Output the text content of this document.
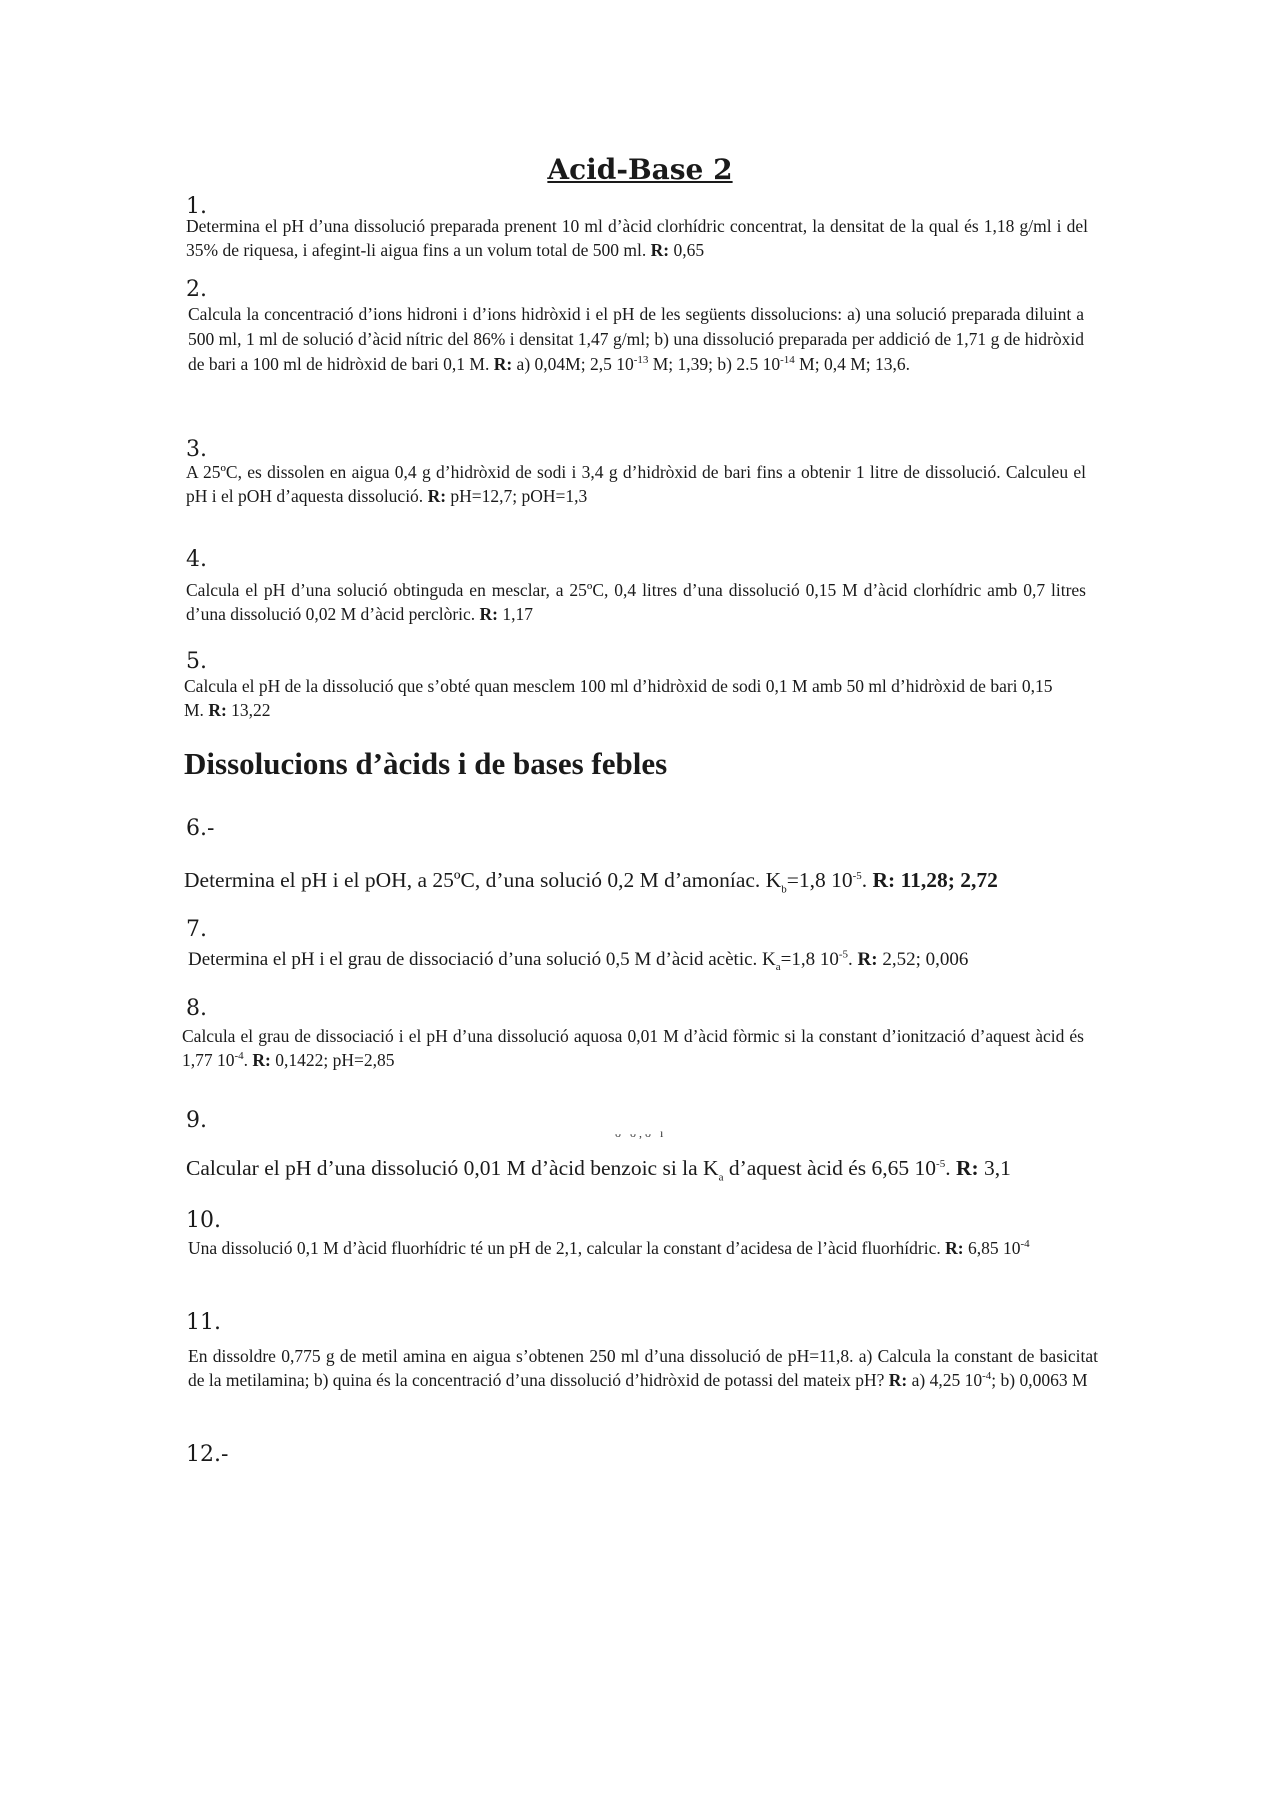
Acid-Base 2

1.

Determina el pH d’una dissolució preparada prenent 10 ml d’àcid clorhídric concentrat, la densitat de la qual és 1,18 g/ml i del 35% de riquesa, i afegint-li aigua fins a un volum total de 500 ml. R: 0,65

2.

Calcula la concentració d’ions hidroni i d’ions hidròxid i el pH de les següents dissolucions: a) una solució preparada diluint a 500 ml, 1 ml de solució d’àcid nítric del 86% i densitat 1,47 g/ml; b) una dissolució preparada per addició de 1,71 g de hidròxid de bari a 100 ml de hidròxid de bari 0,1 M. R: a) 0,04M; 2,5 $10^{-13}$ M; 1,39; b) 2.5 $10^{-14}$ M; 0,4 M; 13,6.

3.

A 25ºC, es dissolen en aigua 0,4 g d’hidròxid de sodi i 3,4 g d’hidròxid de bari fins a obtenir 1 litre de dissolució. Calculeu el pH i el pOH d’aquesta dissolució. R: pH=12,7; pOH=1,3

4.

Calcula el pH d’una solució obtinguda en mesclar, a 25ºC, 0,4 litres d’una dissolució 0,15 M d’àcid clorhídric amb 0,7 litres d’una dissolució 0,02 M d’àcid perclòric. R: 1,17

5.

Calcula el pH de la dissolució que s’obté quan mesclem 100 ml d’hidròxid de sodi 0,1 M amb 50 ml d’hidròxid de bari 0,15 M. R: 13,22

Dissolucions d’àcids i de bases febles

6.-

Determina el pH i el pOH, a 25ºC, d’una solució 0,2 M d’amoníac. $K_b=1,8$ $10^{-5}$. R: 11,28; 2,72

7.

Determina el pH i el grau de dissociació d’una solució 0,5 M d’àcid acètic. $K_a=1,8$ $10^{-5}$. R: 2,52; 0,006

8.

Calcula el grau de dissociació i el pH d’una dissolució aquosa 0,01 M d’àcid fòrmic si la constant d’ionització d’aquest àcid és 1,77 $10^{-4}$. R: 0,1422; pH=2,85

9.	ᴗ ᴗ,ᴗ ı

Calcular el pH d’una dissolució 0,01 M d’àcid benzoic si la $K_a$ d’aquest àcid és 6,65 $10^{-5}$. R: 3,1

10.

Una dissolució 0,1 M d’àcid fluorhídric té un pH de 2,1, calcular la constant d’acidesa de l’àcid fluorhídric. R: 6,85 $10^{-4}$

11.

En dissoldre 0,775 g de metil amina en aigua s’obtenen 250 ml d’una dissolució de pH=11,8. a) Calcula la constant de basicitat de la metilamina; b) quina és la concentració d’una dissolució d’hidròxid de potassi del mateix pH? R: a) 4,25 $10^{-4}$; b) 0,0063 M

12.-
